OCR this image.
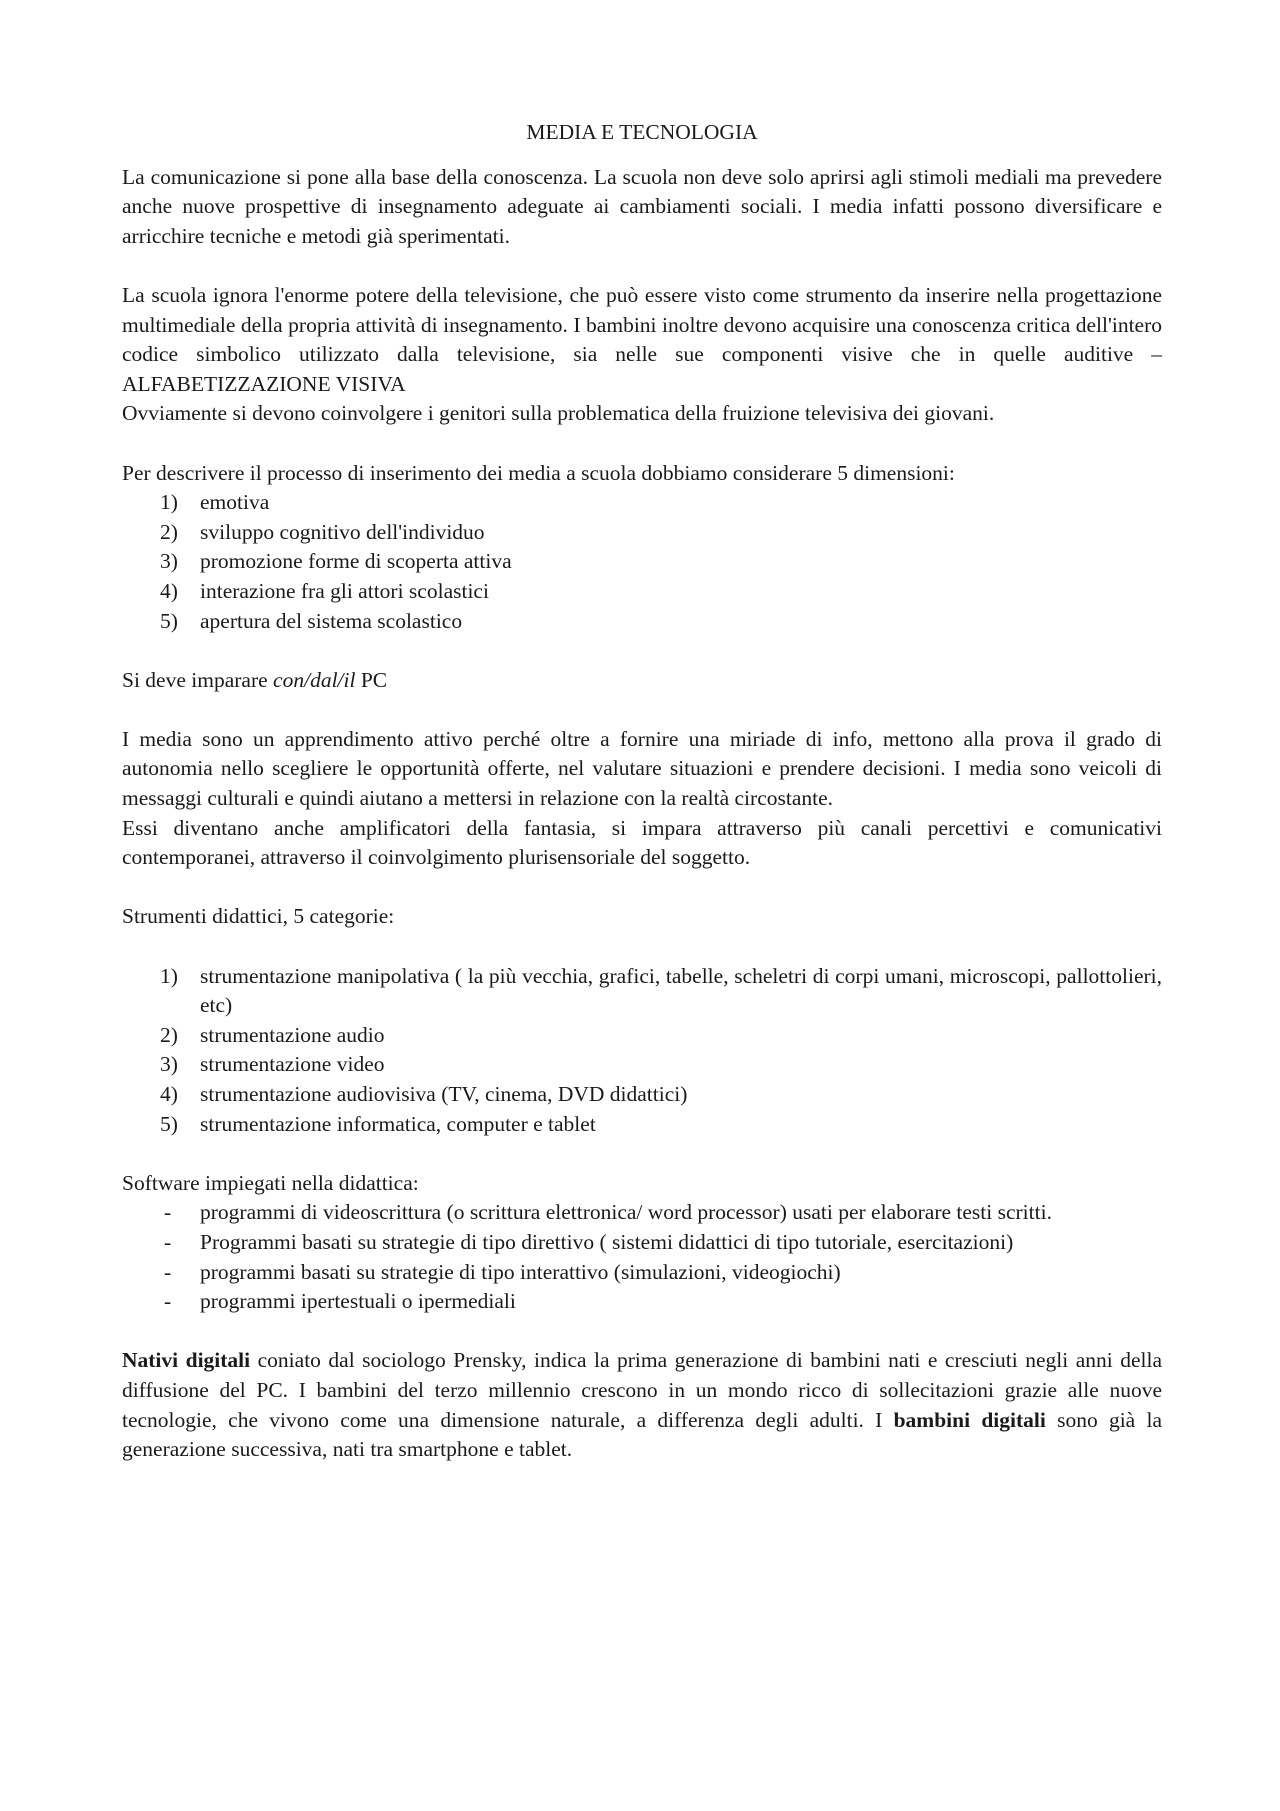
MEDIA E TECNOLOGIA

La comunicazione si pone alla base della conoscenza. La scuola non deve solo aprirsi agli stimoli mediali ma prevedere anche nuove prospettive di insegnamento adeguate ai cambiamenti sociali. I media infatti possono diversificare e arricchire tecniche e metodi già sperimentati.

La scuola ignora l'enorme potere della televisione, che può essere visto come strumento da inserire nella progettazione multimediale della propria attività di insegnamento. I bambini inoltre devono acquisire una conoscenza critica dell'intero codice simbolico utilizzato dalla televisione, sia nelle sue componenti visive che in quelle auditive – ALFABETIZZAZIONE VISIVA

Ovviamente si devono coinvolgere i genitori sulla problematica della fruizione televisiva dei giovani.

Per descrivere il processo di inserimento dei media a scuola dobbiamo considerare 5 dimensioni:

1) emotiva
2) sviluppo cognitivo dell'individuo
3) promozione forme di scoperta attiva
4) interazione fra gli attori scolastici
5) apertura del sistema scolastico

Si deve imparare con/dal/il PC

I media sono un apprendimento attivo perché oltre a fornire una miriade di info, mettono alla prova il grado di autonomia nello scegliere le opportunità offerte, nel valutare situazioni e prendere decisioni. I media sono veicoli di messaggi culturali e quindi aiutano a mettersi in relazione con la realtà circostante.

Essi diventano anche amplificatori della fantasia, si impara attraverso più canali percettivi e comunicativi contemporanei, attraverso il coinvolgimento plurisensoriale del soggetto.

Strumenti didattici, 5 categorie:

1) strumentazione manipolativa ( la più vecchia, grafici, tabelle, scheletri di corpi umani, microscopi, pallottolieri, etc)
2) strumentazione audio
3) strumentazione video
4) strumentazione audiovisiva (TV, cinema, DVD didattici)
5) strumentazione informatica, computer e tablet

Software impiegati nella didattica:

- programmi di videoscrittura (o scrittura elettronica/ word processor) usati per elaborare testi scritti.
- Programmi basati su strategie di tipo direttivo ( sistemi didattici di tipo tutoriale, esercitazioni)
- programmi basati su strategie di tipo interattivo (simulazioni, videogiochi)
- programmi ipertestuali o ipermediali

Nativi digitali coniato dal sociologo Prensky, indica la prima generazione di bambini nati e cresciuti negli anni della diffusione del PC. I bambini del terzo millennio crescono in un mondo ricco di sollecitazioni grazie alle nuove tecnologie, che vivono come una dimensione naturale, a differenza degli adulti. I bambini digitali sono già la generazione successiva, nati tra smartphone e tablet.
